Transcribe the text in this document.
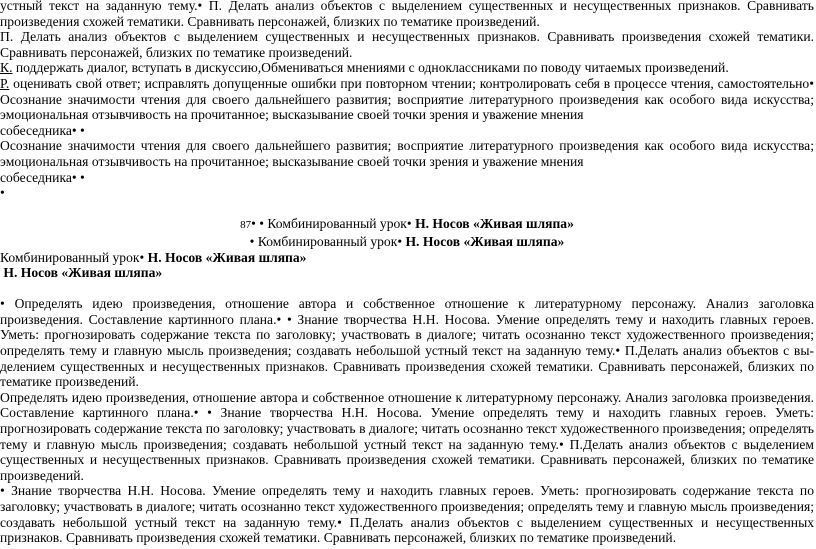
устный текст на заданную тему.• П. Делать анализ объектов с выделением существенных и несущественных признаков. Сравнивать произведения схожей тематики. Сравнивать персонажей, близких по тематике произведений.

П. Делать анализ объектов с выделением существенных и несущественных признаков. Сравнивать произведения схожей тематики. Сравнивать персонажей, близких по тематике произведений.

К. поддержать диалог, вступать в дискуссию,Обмениваться мнениями с одноклассниками по поводу читаемых произведений.

Р. оценивать свой ответ; исправлять допущенные ошибки при повторном чтении; контролировать себя в процессе чтения, самостоятельно• Осознание значимости чтения для своего дальнейшего развития; восприятие литературного произведения как особого вида искусства; эмоциональная отзывчивость на прочитанное; высказывание своей точки зрения и уважение мнения

собеседника• •

Осознание значимости чтения для своего дальнейшего развития; восприятие литературного произведения как особого вида искусства; эмоциональная отзывчивость на прочитанное; высказывание своей точки зрения и уважение мнения

собеседника• •

•

87• • Комбинированный урок• Н. Носов «Живая шляпа»

• Комбинированный урок• Н. Носов «Живая шляпа»

Комбинированный урок• Н. Носов «Живая шляпа»

Н. Носов «Живая шляпа»

• Определять идею произведения, отношение автора и собственное отношение к литературному персонажу. Анализ заголовка произведения. Составление картинного плана.• • Знание творчества Н.Н. Носова. Умение определять тему и находить главных героев. Уметь: прогнозировать содержание текста по заголовку; участвовать в диалоге; читать осознанно текст художественного произведения; определять тему и главную мысль произведения; создавать небольшой устный текст на заданную тему.• П.Делать анализ объектов с вы-делением существенных и несущественных признаков. Сравнивать произведения схожей тематики. Сравнивать персонажей, близких по тематике произведений.

Определять идею произведения, отношение автора и собственное отношение к литературному персонажу. Анализ заголовка произведения. Составление картинного плана.• • Знание творчества Н.Н. Носова. Умение определять тему и находить главных героев. Уметь: прогнозировать содержание текста по заголовку; участвовать в диалоге; читать осознанно текст художественного произведения; определять тему и главную мысль произведения; создавать небольшой устный текст на заданную тему.• П.Делать анализ объектов с выделением существенных и несущественных признаков. Сравнивать произведения схожей тематики. Сравнивать персонажей, близких по тематике произведений.

• Знание творчества Н.Н. Носова. Умение определять тему и находить главных героев. Уметь: прогнозировать содержание текста по заголовку; участвовать в диалоге; читать осознанно текст художественного произведения; определять тему и главную мысль произведения; создавать небольшой устный текст на заданную тему.• П.Делать анализ объектов с выделением существенных и несущественных признаков. Сравнивать произведения схожей тематики. Сравнивать персонажей, близких по тематике произведений.
